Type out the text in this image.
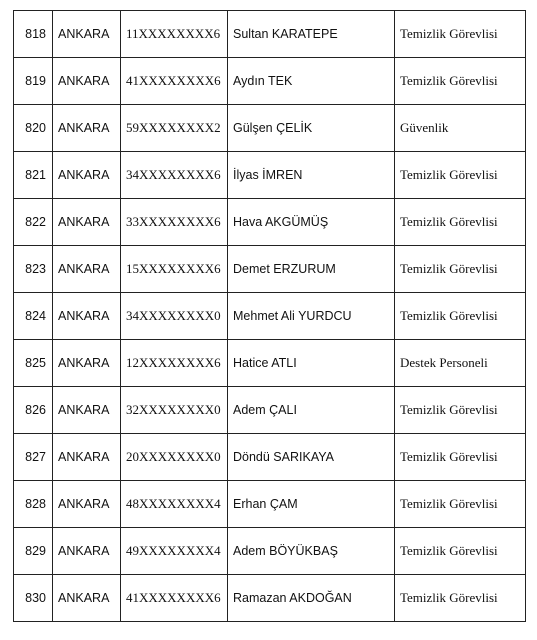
818	ANKARA	11XXXXXXXX6	Sultan KARATEPE	Temizlik Görevlisi
819	ANKARA	41XXXXXXXX6	Aydın TEK	Temizlik Görevlisi
820	ANKARA	59XXXXXXXX2	Gülşen ÇELİK	Güvenlik
821	ANKARA	34XXXXXXXX6	İlyas İMREN	Temizlik Görevlisi
822	ANKARA	33XXXXXXXX6	Hava AKGÜMÜŞ	Temizlik Görevlisi
823	ANKARA	15XXXXXXXX6	Demet ERZURUM	Temizlik Görevlisi
824	ANKARA	34XXXXXXXX0	Mehmet Ali YURDCU	Temizlik Görevlisi
825	ANKARA	12XXXXXXXX6	Hatice ATLI	Destek Personeli
826	ANKARA	32XXXXXXXX0	Adem ÇALI	Temizlik Görevlisi
827	ANKARA	20XXXXXXXX0	Döndü SARIKAYA	Temizlik Görevlisi
828	ANKARA	48XXXXXXXX4	Erhan ÇAM	Temizlik Görevlisi
829	ANKARA	49XXXXXXXX4	Adem BÖYÜKBAŞ	Temizlik Görevlisi
830	ANKARA	41XXXXXXXX6	Ramazan AKDOĞAN	Temizlik Görevlisi
